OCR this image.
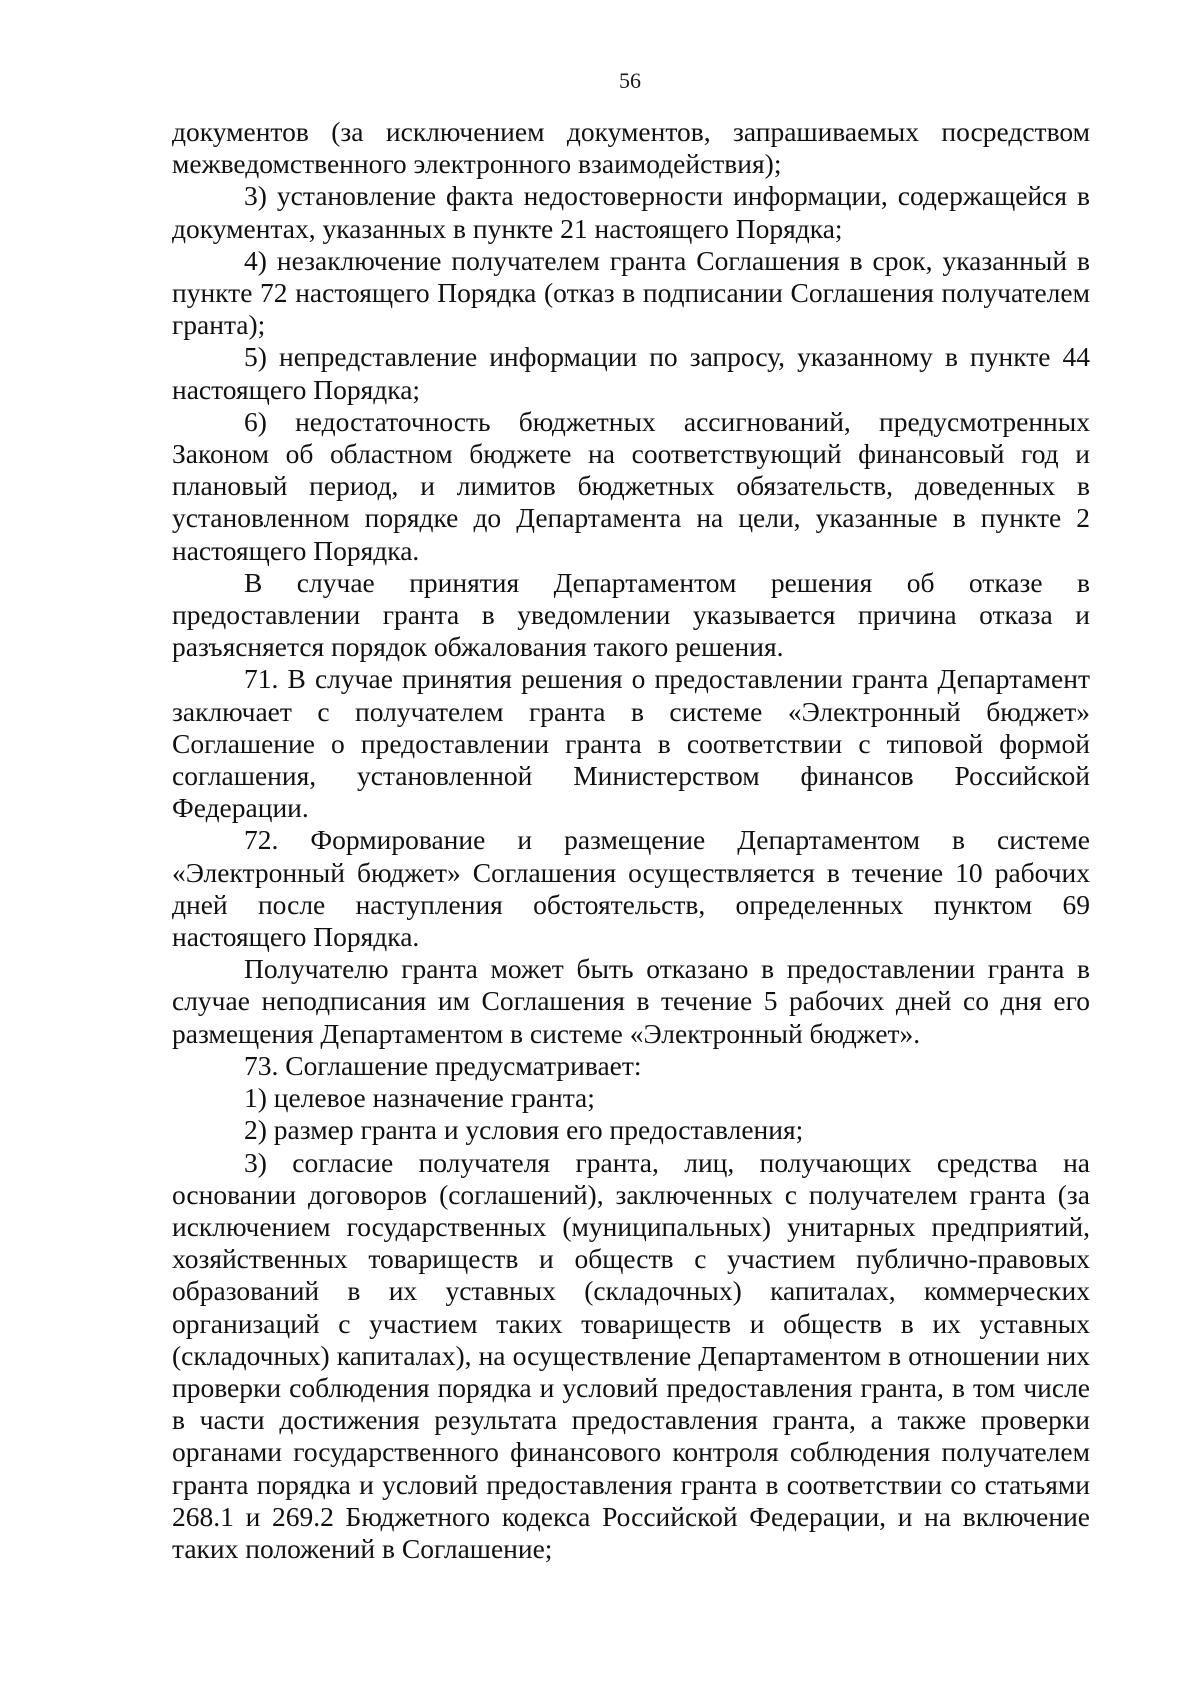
56

документов (за исключением документов, запрашиваемых посредством межведомственного электронного взаимодействия);

3) установление факта недостоверности информации, содержащейся в документах, указанных в пункте 21 настоящего Порядка;

4) незаключение получателем гранта Соглашения в срок, указанный в пункте 72 настоящего Порядка (отказ в подписании Соглашения получателем гранта);

5) непредставление информации по запросу, указанному в пункте 44 настоящего Порядка;

6) недостаточность бюджетных ассигнований, предусмотренных Законом об областном бюджете на соответствующий финансовый год и плановый период, и лимитов бюджетных обязательств, доведенных в установленном порядке до Департамента на цели, указанные в пункте 2 настоящего Порядка.

В случае принятия Департаментом решения об отказе в предоставлении гранта в уведомлении указывается причина отказа и разъясняется порядок обжалования такого решения.

71. В случае принятия решения о предоставлении гранта Департамент заключает с получателем гранта в системе «Электронный бюджет» Соглашение о предоставлении гранта в соответствии с типовой формой соглашения, установленной Министерством финансов Российской Федерации.

72. Формирование и размещение Департаментом в системе «Электронный бюджет» Соглашения осуществляется в течение 10 рабочих дней после наступления обстоятельств, определенных пунктом 69 настоящего Порядка.

Получателю гранта может быть отказано в предоставлении гранта в случае неподписания им Соглашения в течение 5 рабочих дней со дня его размещения Департаментом в системе «Электронный бюджет».

73. Соглашение предусматривает:

1) целевое назначение гранта;

2) размер гранта и условия его предоставления;

3) согласие получателя гранта, лиц, получающих средства на основании договоров (соглашений), заключенных с получателем гранта (за исключением государственных (муниципальных) унитарных предприятий, хозяйственных товариществ и обществ с участием публично-правовых образований в их уставных (складочных) капиталах, коммерческих организаций с участием таких товариществ и обществ в их уставных (складочных) капиталах), на осуществление Департаментом в отношении них проверки соблюдения порядка и условий предоставления гранта, в том числе в части достижения результата предоставления гранта, а также проверки органами государственного финансового контроля соблюдения получателем гранта порядка и условий предоставления гранта в соответствии со статьями 268.1 и 269.2 Бюджетного кодекса Российской Федерации, и на включение таких положений в Соглашение;
